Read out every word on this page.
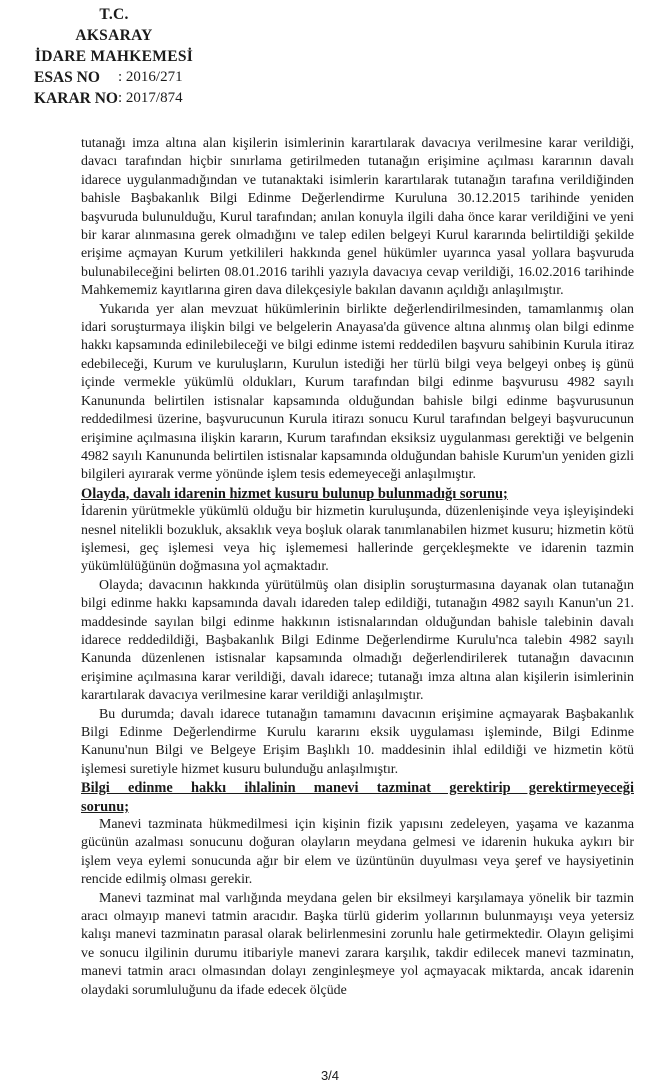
T.C.
AKSARAY
İDARE MAHKEMESİ
ESAS NO	: 2016/271
KARAR NO : 2017/874

tutanağı imza altına alan kişilerin isimlerinin karartılarak davacıya verilmesine karar verildiği, davacı tarafından hiçbir sınırlama getirilmeden tutanağın erişimine açılması kararının davalı idarece uygulanmadığından ve tutanaktaki isimlerin karartılarak tutanağın tarafına verildiğinden bahisle Başbakanlık Bilgi Edinme Değerlendirme Kuruluna 30.12.2015 tarihinde yeniden başvuruda bulunulduğu, Kurul tarafından; anılan konuyla ilgili daha önce karar verildiğini ve yeni bir karar alınmasına gerek olmadığını ve talep edilen belgeyi Kurul kararında belirtildiği şekilde erişime açmayan Kurum yetkilileri hakkında genel hükümler uyarınca yasal yollara başvuruda bulunabileceğini belirten 08.01.2016 tarihli yazıyla davacıya cevap verildiği, 16.02.2016 tarihinde Mahkememiz kayıtlarına giren dava dilekçesiyle bakılan davanın açıldığı anlaşılmıştır.

Yukarıda yer alan mevzuat hükümlerinin birlikte değerlendirilmesinden, tamamlanmış olan idari soruşturmaya ilişkin bilgi ve belgelerin Anayasa'da güvence altına alınmış olan bilgi edinme hakkı kapsamında edinilebileceği ve bilgi edinme istemi reddedilen başvuru sahibinin Kurula itiraz edebileceği, Kurum ve kuruluşların, Kurulun istediği her türlü bilgi veya belgeyi onbeş iş günü içinde vermekle yükümlü oldukları, Kurum tarafından bilgi edinme başvurusu 4982 sayılı Kanununda belirtilen istisnalar kapsamında olduğundan bahisle bilgi edinme başvurusunun reddedilmesi üzerine, başvurucunun Kurula itirazı sonucu Kurul tarafından belgeyi başvurucunun erişimine açılmasına ilişkin kararın, Kurum tarafından eksiksiz uygulanması gerektiği ve belgenin 4982 sayılı Kanununda belirtilen istisnalar kapsamında olduğundan bahisle Kurum'un yeniden gizli bilgileri ayırarak verme yönünde işlem tesis edemeyeceği anlaşılmıştır.

Olayda, davalı idarenin hizmet kusuru bulunup bulunmadığı sorunu;

İdarenin yürütmekle yükümlü olduğu bir hizmetin kuruluşunda, düzenlenişinde veya işleyişindeki nesnel nitelikli bozukluk, aksaklık veya boşluk olarak tanımlanabilen hizmet kusuru; hizmetin kötü işlemesi, geç işlemesi veya hiç işlememesi hallerinde gerçekleşmekte ve idarenin tazmin yükümlülüğünün doğmasına yol açmaktadır.

Olayda; davacının hakkında yürütülmüş olan disiplin soruşturmasına dayanak olan tutanağın bilgi edinme hakkı kapsamında davalı idareden talep edildiği, tutanağın 4982 sayılı Kanun'un 21. maddesinde sayılan bilgi edinme hakkının istisnalarından olduğundan bahisle talebinin davalı idarece reddedildiği, Başbakanlık Bilgi Edinme Değerlendirme Kurulu'nca talebin 4982 sayılı Kanunda düzenlenen istisnalar kapsamında olmadığı değerlendirilerek tutanağın davacının erişimine açılmasına karar verildiği, davalı idarece; tutanağı imza altına alan kişilerin isimlerinin karartılarak davacıya verilmesine karar verildiği anlaşılmıştır.

Bu durumda; davalı idarece tutanağın tamamını davacının erişimine açmayarak Başbakanlık Bilgi Edinme Değerlendirme Kurulu kararını eksik uygulaması işleminde, Bilgi Edinme Kanunu'nun Bilgi ve Belgeye Erişim Başlıklı 10. maddesinin ihlal edildiği ve hizmetin kötü işlemesi suretiyle hizmet kusuru bulunduğu anlaşılmıştır.

Bilgi edinme hakkı ihlalinin manevi tazminat gerektirip gerektirmeyeceği sorunu;

Manevi tazminata hükmedilmesi için kişinin fizik yapısını zedeleyen, yaşama ve kazanma gücünün azalması sonucunu doğuran olayların meydana gelmesi ve idarenin hukuka aykırı bir işlem veya eylemi sonucunda ağır bir elem ve üzüntünün duyulması veya şeref ve haysiyetinin rencide edilmiş olması gerekir.

Manevi tazminat mal varlığında meydana gelen bir eksilmeyi karşılamaya yönelik bir tazmin aracı olmayıp manevi tatmin aracıdır. Başka türlü giderim yollarının bulunmayışı veya yetersiz kalışı manevi tazminatın parasal olarak belirlenmesini zorunlu hale getirmektedir. Olayın gelişimi ve sonucu ilgilinin durumu itibariyle manevi zarara karşılık, takdir edilecek manevi tazminatın, manevi tatmin aracı olmasından dolayı zenginleşmeye yol açmayacak miktarda, ancak idarenin olaydaki sorumluluğunu da ifade edecek ölçüde

3/4
